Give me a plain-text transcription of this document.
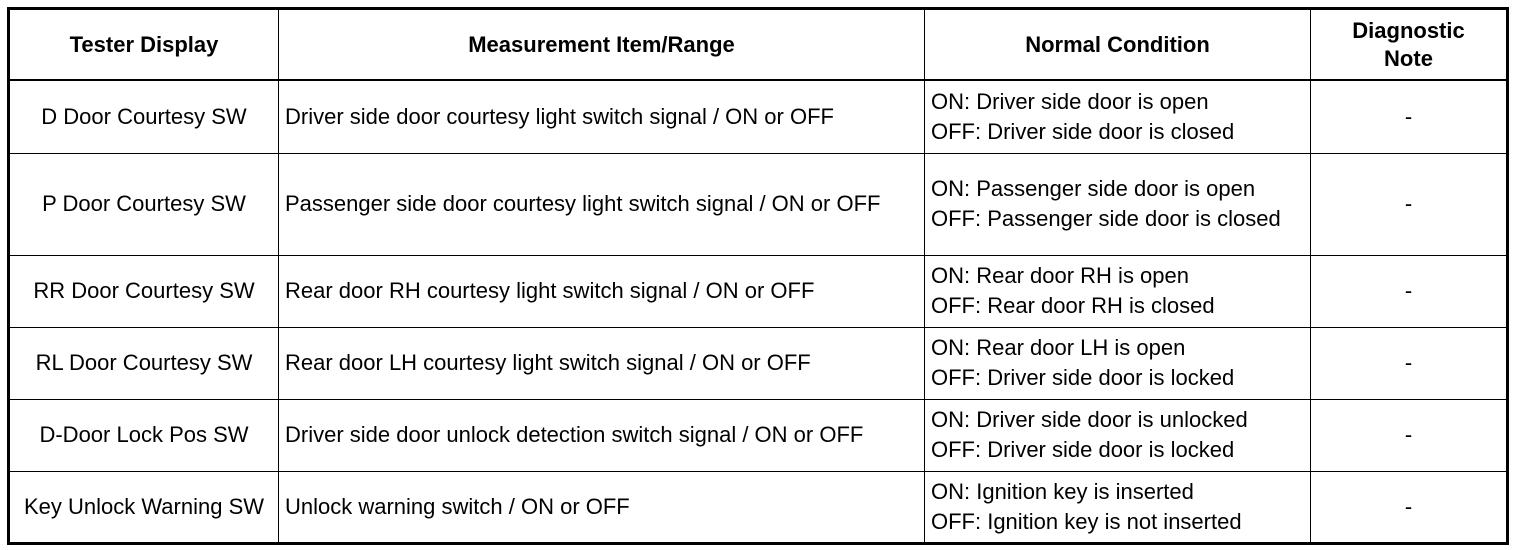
Tester Display	Measurement Item/Range	Normal Condition	Diagnostic
Note

D Door Courtesy SW	Driver side door courtesy light switch signal / ON or OFF	ON: Driver side door is open
OFF: Driver side door is closed	-
P Door Courtesy SW	Passenger side door courtesy light switch signal / ON or OFF	ON: Passenger side door is open
OFF: Passenger side door is closed	-
RR Door Courtesy SW	Rear door RH courtesy light switch signal / ON or OFF	ON: Rear door RH is open
OFF: Rear door RH is closed	-
RL Door Courtesy SW	Rear door LH courtesy light switch signal / ON or OFF	ON: Rear door LH is open
OFF: Driver side door is locked	-
D-Door Lock Pos SW	Driver side door unlock detection switch signal / ON or OFF	ON: Driver side door is unlocked
OFF: Driver side door is locked	-
Key Unlock Warning SW	Unlock warning switch / ON or OFF	ON: Ignition key is inserted
OFF: Ignition key is not inserted	-
